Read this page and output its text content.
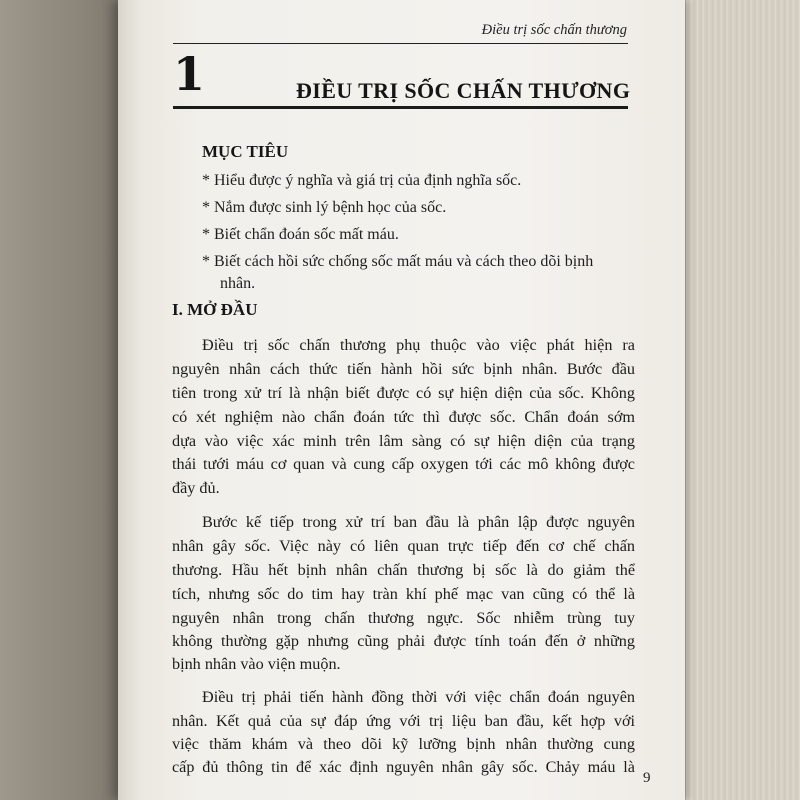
Điều trị sốc chấn thương
1	ĐIỀU TRỊ SỐC CHẤN THƯƠNG
MỤC TIÊU
* Hiểu được ý nghĩa và giá trị của định nghĩa sốc.
* Nắm được sinh lý bệnh học của sốc.
* Biết chẩn đoán sốc mất máu.
* Biết cách hồi sức chống sốc mất máu và cách theo dõi bịnh
nhân.
I. MỞ ĐẦU
Điều trị sốc chấn thương phụ thuộc vào việc phát hiện ra
nguyên nhân cách thức tiến hành hồi sức bịnh nhân. Bước đầu
tiên trong xử trí là nhận biết được có sự hiện diện của sốc. Không
có xét nghiệm nào chẩn đoán tức thì được sốc. Chẩn đoán sớm
dựa vào việc xác minh trên lâm sàng có sự hiện diện của trạng
thái tưới máu cơ quan và cung cấp oxygen tới các mô không được
đầy đủ.
Bước kế tiếp trong xử trí ban đầu là phân lập được nguyên
nhân gây sốc. Việc này có liên quan trực tiếp đến cơ chế chấn
thương. Hầu hết bịnh nhân chấn thương bị sốc là do giảm thể
tích, nhưng sốc do tim hay tràn khí phế mạc van cũng có thể là
nguyên nhân trong chấn thương ngực. Sốc nhiễm trùng tuy
không thường gặp nhưng cũng phải được tính toán đến ở những
bịnh nhân vào viện muộn.
Điều trị phải tiến hành đồng thời với việc chẩn đoán nguyên
nhân. Kết quả của sự đáp ứng với trị liệu ban đầu, kết hợp với
việc thăm khám và theo dõi kỹ lưỡng bịnh nhân thường cung
cấp đủ thông tin để xác định nguyên nhân gây sốc. Chảy máu là
9
